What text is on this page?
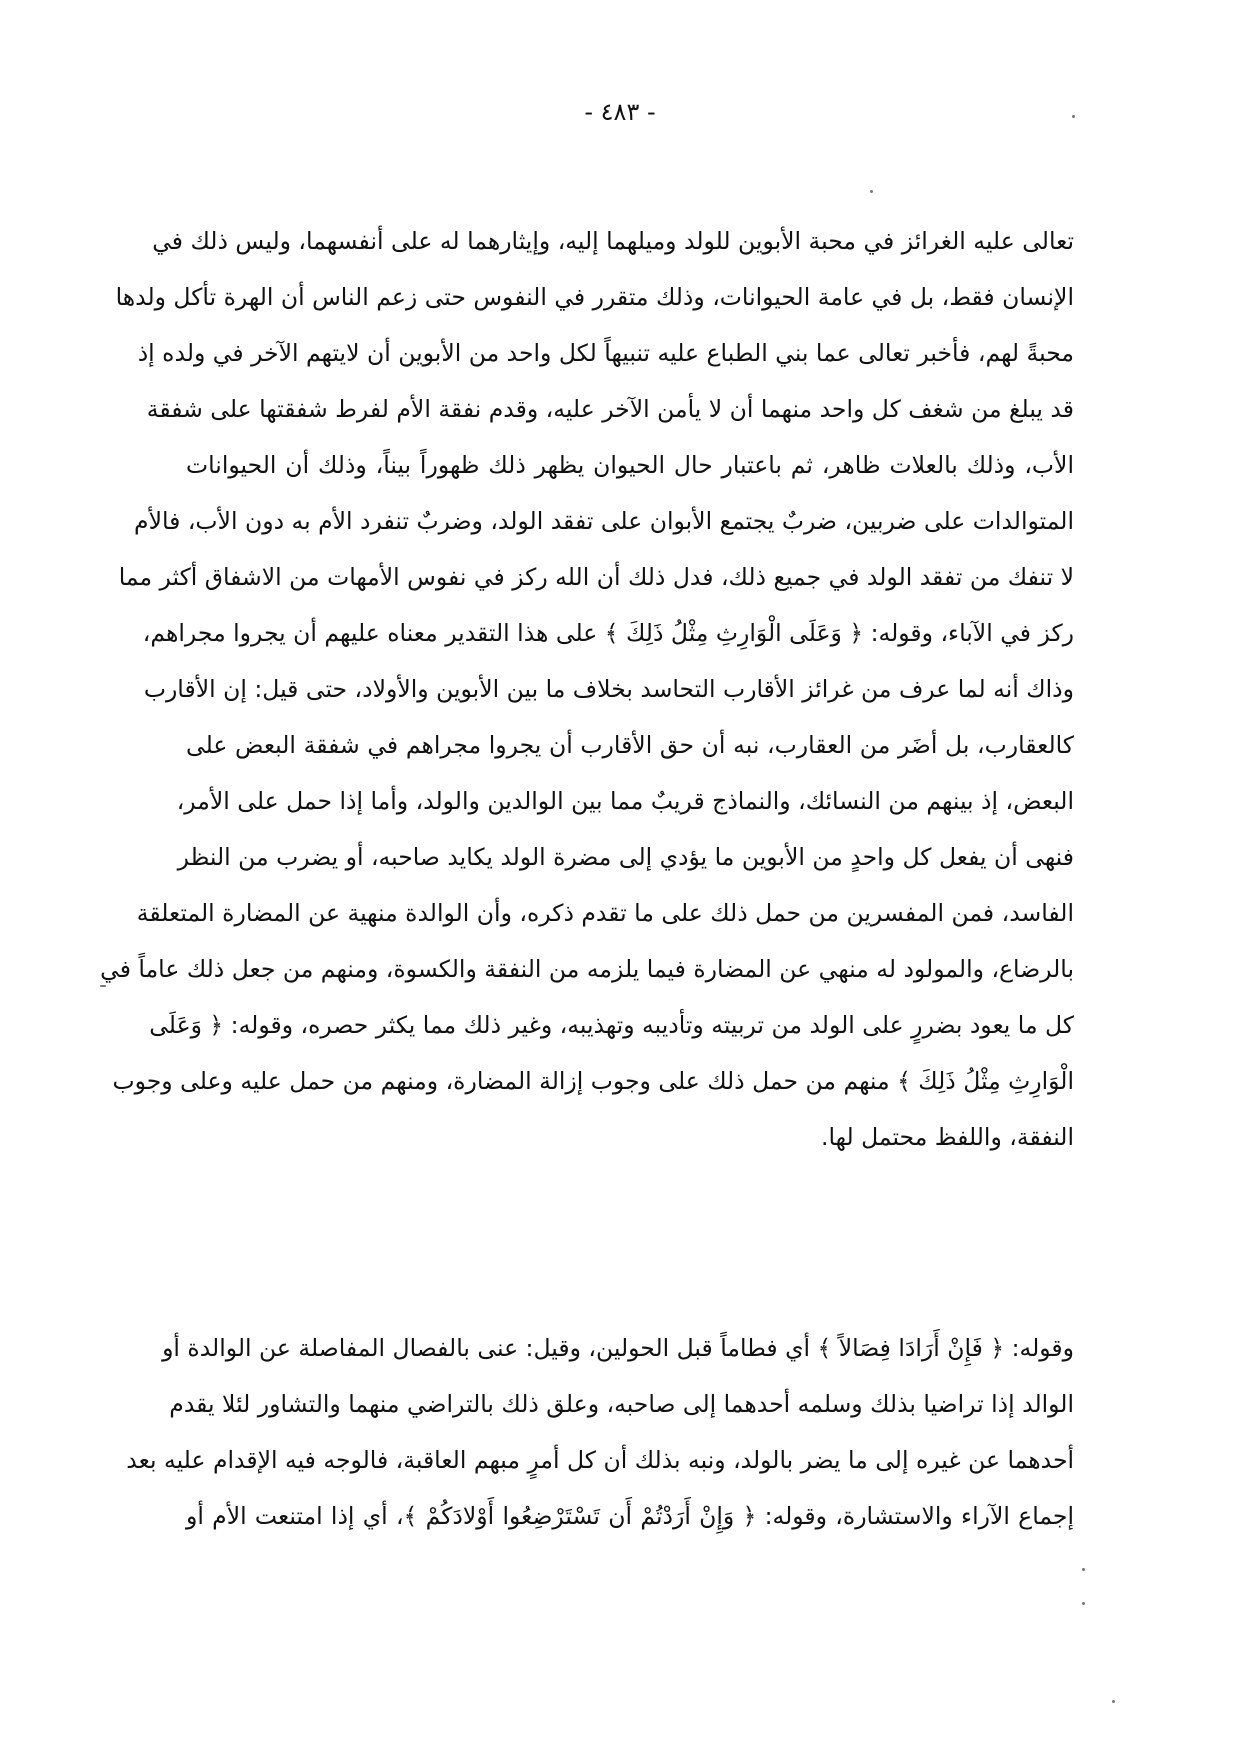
- ٤٨٣ -
تعالى عليه الغرائز في محبة الأبوين للولد وميلهما إليه، وإيثارهما له على أنفسهما، وليس ذلك في
الإنسان فقط، بل في عامة الحيوانات، وذلك متقرر في النفوس حتى زعم الناس أن الهرة تأكل ولدها
محبةً لهم، فأخبر تعالى عما بني الطباع عليه تنبيهاً لكل واحد من الأبوين أن لايتهم الآخر في ولده إذ
قد يبلغ من شغف كل واحد منهما أن لا يأمن الآخر عليه، وقدم نفقة الأم لفرط شفقتها على شفقة
الأب، وذلك بالعلات ظاهر، ثم باعتبار حال الحيوان يظهر ذلك ظهوراً بيناً، وذلك أن الحيوانات
المتوالدات على ضربين، ضربٌ يجتمع الأبوان على تفقد الولد، وضربٌ تنفرد الأم به دون الأب، فالأم
لا تنفك من تفقد الولد في جميع ذلك، فدل ذلك أن الله ركز في نفوس الأمهات من الاشفاق أكثر مما
ركز في الآباء، وقوله: ﴿ وَعَلَى الْوَارِثِ مِثْلُ ذَلِكَ ﴾ على هذا التقدير معناه عليهم أن يجروا مجراهم،
وذاك أنه لما عرف من غرائز الأقارب التحاسد بخلاف ما بين الأبوين والأولاد، حتى قيل: إن الأقارب
كالعقارب، بل أضَر من العقارب، نبه أن حق الأقارب أن يجروا مجراهم في شفقة البعض على
البعض، إذ بينهم من النسائك، والنماذج قريبٌ مما بين الوالدين والولد، وأما إذا حمل على الأمر،
فنهى أن يفعل كل واحدٍ من الأبوين ما يؤدي إلى مضرة الولد يكايد صاحبه، أو يضرب من النظر
الفاسد، فمن المفسرين من حمل ذلك على ما تقدم ذكره، وأن الوالدة منهية عن المضارة المتعلقة
بالرضاع، والمولود له منهي عن المضارة فيما يلزمه من النفقة والكسوة، ومنهم من جعل ذلك عاماً في
كل ما يعود بضررٍ على الولد من تربيته وتأديبه وتهذيبه، وغير ذلك مما يكثر حصره، وقوله: ﴿ وَعَلَى
الْوَارِثِ مِثْلُ ذَلِكَ ﴾ منهم من حمل ذلك على وجوب إزالة المضارة، ومنهم من حمل عليه وعلى وجوب
النفقة، واللفظ محتمل لها.
وقوله: ﴿ فَإِنْ أَرَادَا فِصَالاً ﴾ أي فطاماً قبل الحولين، وقيل: عنى بالفصال المفاصلة عن الوالدة أو
الوالد إذا تراضيا بذلك وسلمه أحدهما إلى صاحبه، وعلق ذلك بالتراضي منهما والتشاور لئلا يقدم
أحدهما عن غيره إلى ما يضر بالولد، ونبه بذلك أن كل أمرٍ مبهم العاقبة، فالوجه فيه الإقدام عليه بعد
إجماع الآراء والاستشارة، وقوله: ﴿ وَإِنْ أَرَدْتُمْ أَن تَسْتَرْضِعُوا أَوْلادَكُمْ ﴾، أي إذا امتنعت الأم أو
